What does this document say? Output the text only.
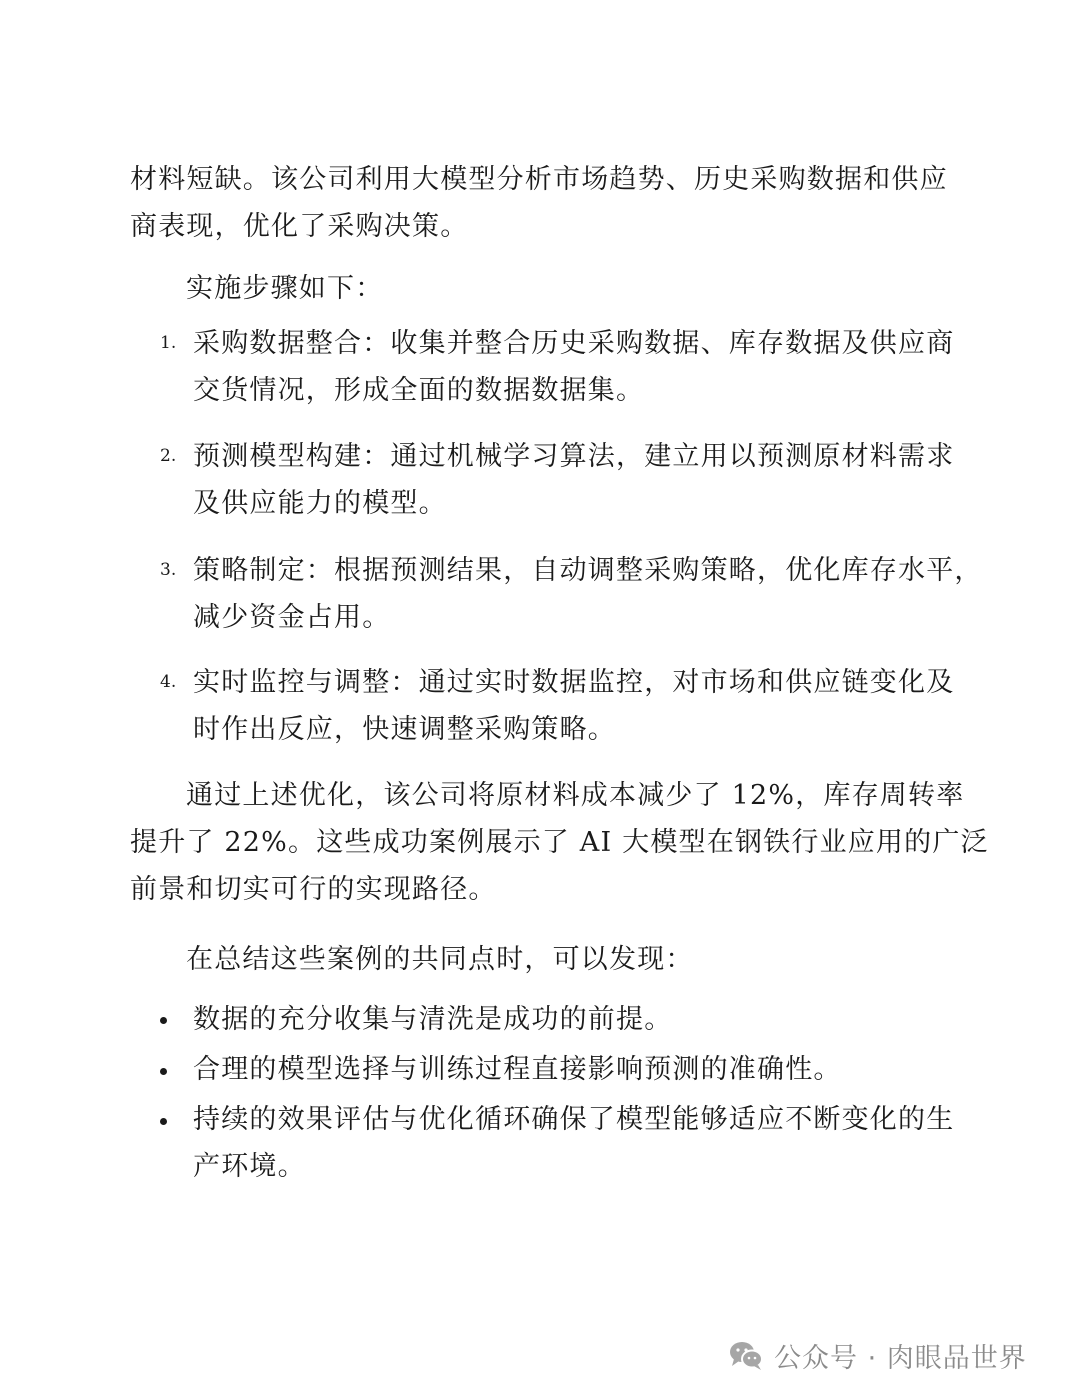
材料短缺。该公司利用大模型分析市场趋势、历史采购数据和供应
商表现，优化了采购决策。
实施步骤如下：
1. 采购数据整合：收集并整合历史采购数据、库存数据及供应商
交货情况，形成全面的数据数据集。
2. 预测模型构建：通过机械学习算法，建立用以预测原材料需求
及供应能力的模型。
3. 策略制定：根据预测结果，自动调整采购策略，优化库存水平，
减少资金占用。
4. 实时监控与调整：通过实时数据监控，对市场和供应链变化及
时作出反应，快速调整采购策略。
通过上述优化，该公司将原材料成本减少了 12%，库存周转率
提升了 22%。这些成功案例展示了 AI 大模型在钢铁行业应用的广泛
前景和切实可行的实现路径。
在总结这些案例的共同点时，可以发现：
数据的充分收集与清洗是成功的前提。
合理的模型选择与训练过程直接影响预测的准确性。
持续的效果评估与优化循环确保了模型能够适应不断变化的生
产环境。
公众号 · 肉眼品世界
